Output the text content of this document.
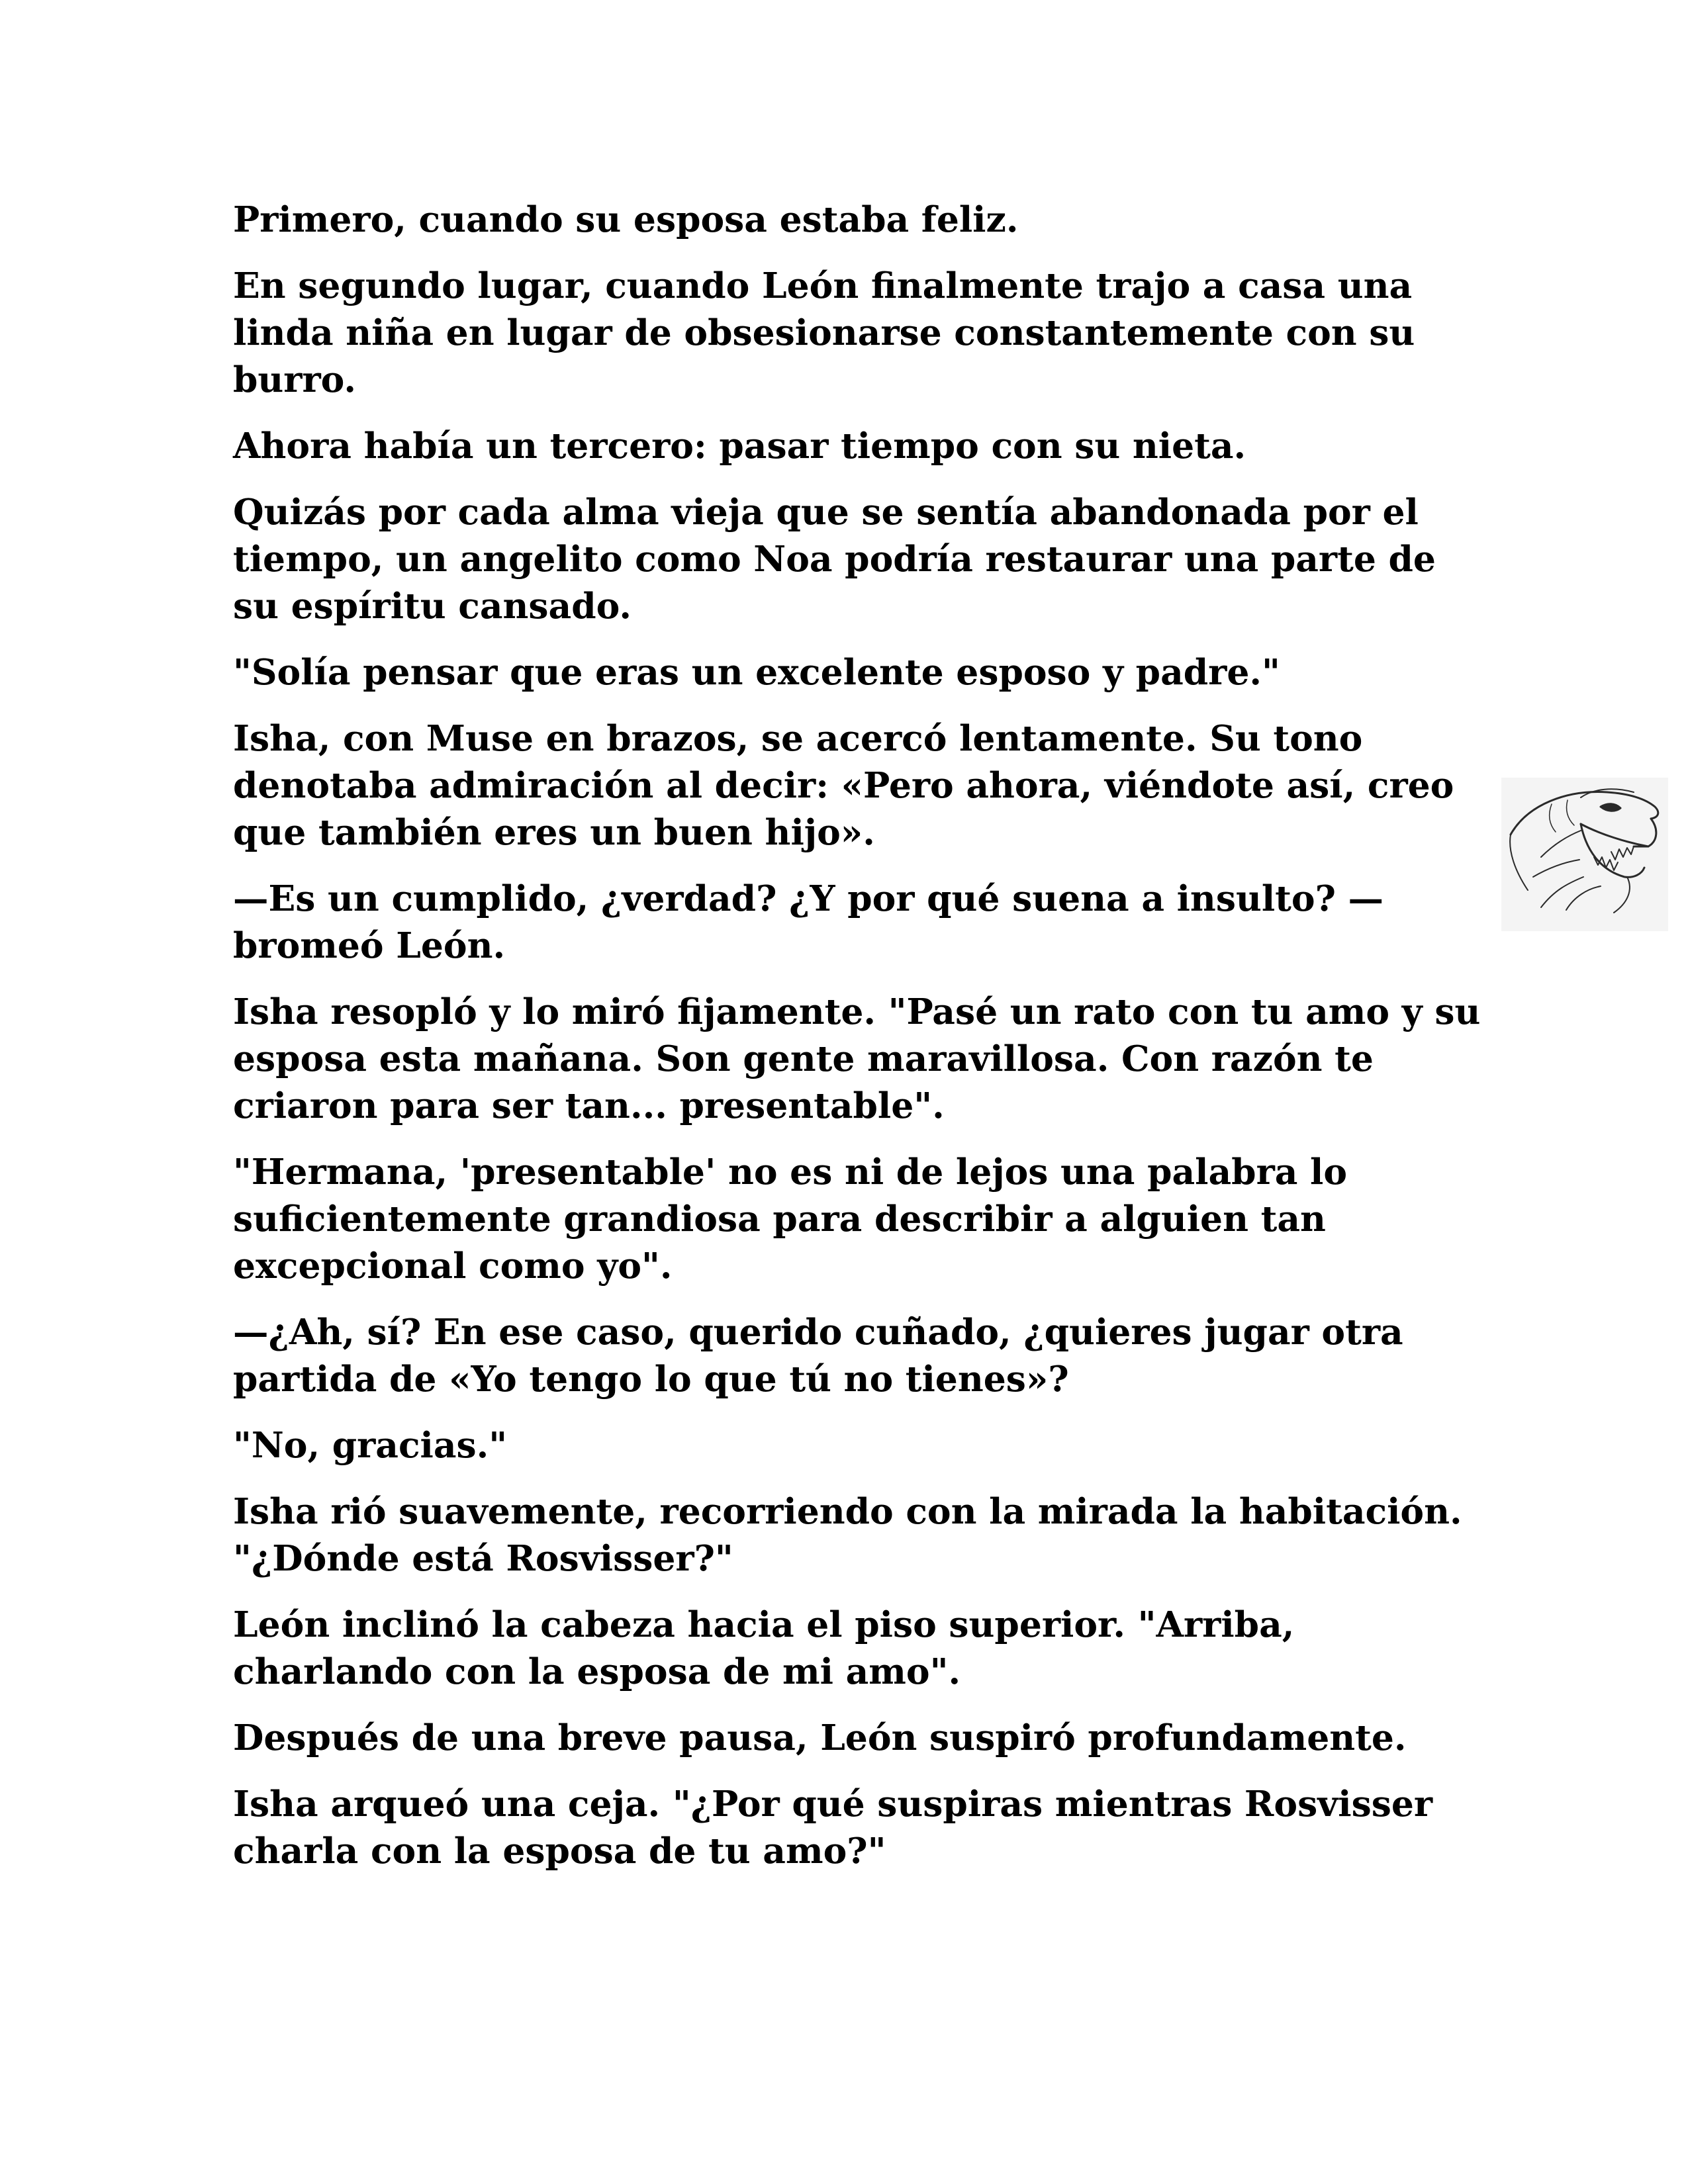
Primero, cuando su esposa estaba feliz.

En segundo lugar, cuando León finalmente trajo a casa una
linda niña en lugar de obsesionarse constantemente con su
burro.

Ahora había un tercero: pasar tiempo con su nieta.

Quizás por cada alma vieja que se sentía abandonada por el
tiempo, un angelito como Noa podría restaurar una parte de
su espíritu cansado.

"Solía pensar que eras un excelente esposo y padre."

Isha, con Muse en brazos, se acercó lentamente. Su tono
denotaba admiración al decir: «Pero ahora, viéndote así, creo
que también eres un buen hijo».

—Es un cumplido, ¿verdad? ¿Y por qué suena a insulto? —
bromeó León.

Isha resopló y lo miró fijamente. "Pasé un rato con tu amo y su
esposa esta mañana. Son gente maravillosa. Con razón te
criaron para ser tan... presentable".

"Hermana, 'presentable' no es ni de lejos una palabra lo
suficientemente grandiosa para describir a alguien tan
excepcional como yo".

—¿Ah, sí? En ese caso, querido cuñado, ¿quieres jugar otra
partida de «Yo tengo lo que tú no tienes»?

"No, gracias."

Isha rió suavemente, recorriendo con la mirada la habitación.
"¿Dónde está Rosvisser?"

León inclinó la cabeza hacia el piso superior. "Arriba,
charlando con la esposa de mi amo".

Después de una breve pausa, León suspiró profundamente.

Isha arqueó una ceja. "¿Por qué suspiras mientras Rosvisser
charla con la esposa de tu amo?"
